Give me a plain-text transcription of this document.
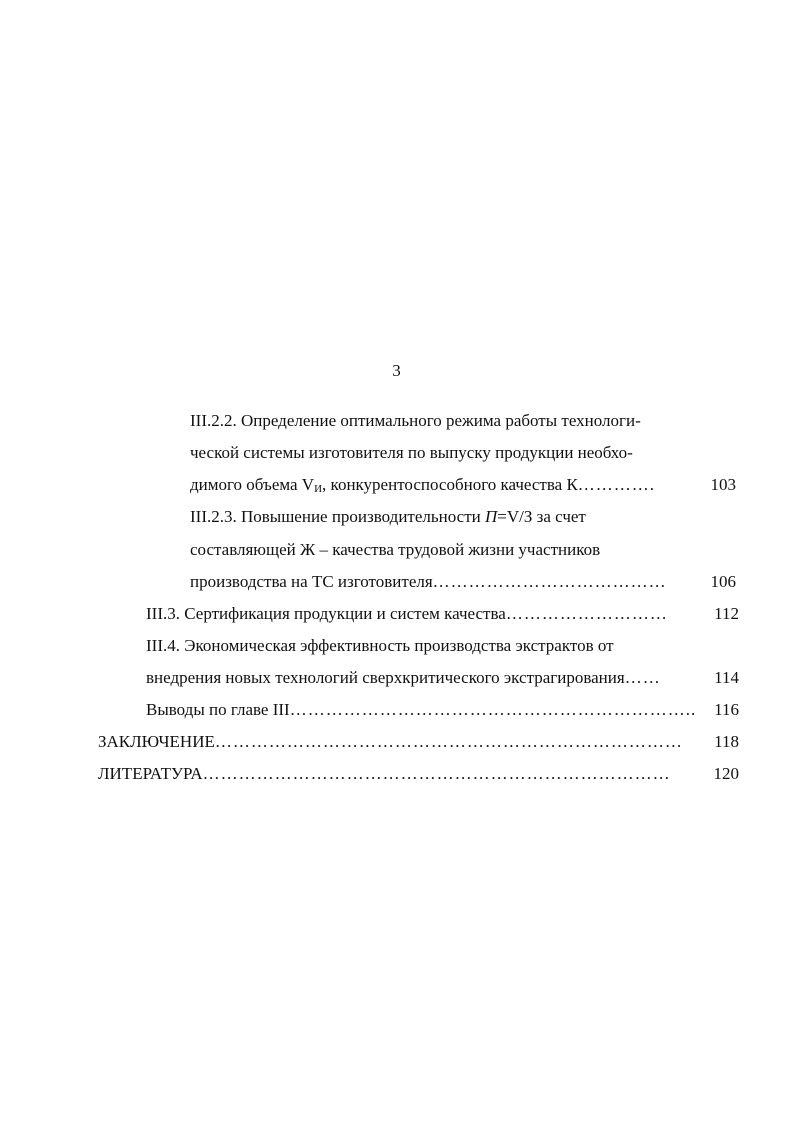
3
III.2.2. Определение оптимального режима работы технологи-
ческой системы изготовителя по выпуску продукции необхо-
димого объема $V_И$, конкурентоспособного качества К ………….	103
III.2.3. Повышение производительности П=V/З за счет
составляющей Ж – качества трудовой жизни участников
производства на ТС изготовителя …………………………………	106
III.3. Сертификация продукции и систем качества ………………………	112
III.4. Экономическая эффективность производства экстрактов от
внедрения новых технологий сверхкритического экстрагирования ……	114
Выводы по главе III …………………………………………………………..	116
ЗАКЛЮЧЕНИЕ ……………………………………………………………………	118
ЛИТЕРАТУРА ……………………………………………………………………	120
